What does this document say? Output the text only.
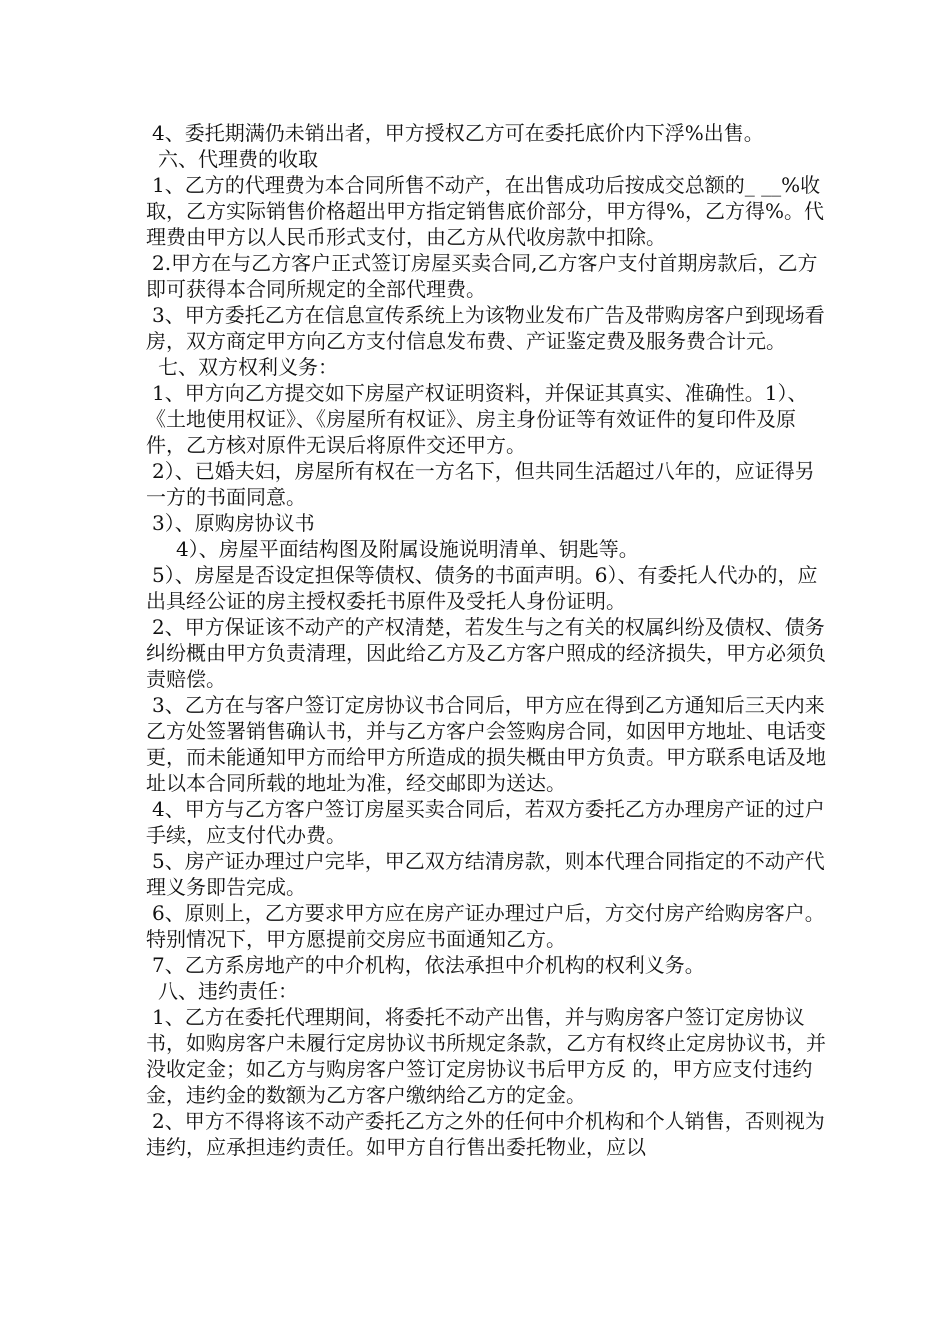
4、委托期满仍未销出者，甲方授权乙方可在委托底价内下浮%出售。

六、代理费的收取

1、乙方的代理费为本合同所售不动产，在出售成功后按成交总额的_ __%收取，乙方实际销售价格超出甲方指定销售底价部分，甲方得%，乙方得%。代理费由甲方以人民币形式支付，由乙方从代收房款中扣除。

2.甲方在与乙方客户正式签订房屋买卖合同,乙方客户支付首期房款后，乙方即可获得本合同所规定的全部代理费。

3、甲方委托乙方在信息宣传系统上为该物业发布广告及带购房客户到现场看房，双方商定甲方向乙方支付信息发布费、产证鉴定费及服务费合计元。

七、双方权利义务：

1、甲方向乙方提交如下房屋产权证明资料，并保证其真实、准确性。1）、《土地使用权证》、《房屋所有权证》、房主身份证等有效证件的复印件及原件，乙方核对原件无误后将原件交还甲方。

2）、已婚夫妇，房屋所有权在一方名下，但共同生活超过八年的，应证得另一方的书面同意。

3）、原购房协议书

4）、房屋平面结构图及附属设施说明清单、钥匙等。

5）、房屋是否设定担保等债权、债务的书面声明。6）、有委托人代办的，应出具经公证的房主授权委托书原件及受托人身份证明。

2、甲方保证该不动产的产权清楚，若发生与之有关的权属纠纷及债权、债务纠纷概由甲方负责清理，因此给乙方及乙方客户照成的经济损失，甲方必须负责赔偿。

3、乙方在与客户签订定房协议书合同后，甲方应在得到乙方通知后三天内来乙方处签署销售确认书，并与乙方客户会签购房合同，如因甲方地址、电话变更，而未能通知甲方而给甲方所造成的损失概由甲方负责。甲方联系电话及地址以本合同所载的地址为准，经交邮即为送达。

4、甲方与乙方客户签订房屋买卖合同后，若双方委托乙方办理房产证的过户手续，应支付代办费。

5、房产证办理过户完毕，甲乙双方结清房款，则本代理合同指定的不动产代理义务即告完成。

6、原则上，乙方要求甲方应在房产证办理过户后，方交付房产给购房客户。特别情况下，甲方愿提前交房应书面通知乙方。

7、乙方系房地产的中介机构，依法承担中介机构的权利义务。

八、违约责任：

1、乙方在委托代理期间，将委托不动产出售，并与购房客户签订定房协议书，如购房客户未履行定房协议书所规定条款，乙方有权终止定房协议书，并没收定金；如乙方与购房客户签订定房协议书后甲方反 的，甲方应支付违约金，违约金的数额为乙方客户缴纳给乙方的定金。

2、甲方不得将该不动产委托乙方之外的任何中介机构和个人销售，否则视为违约，应承担违约责任。如甲方自行售出委托物业，应以
